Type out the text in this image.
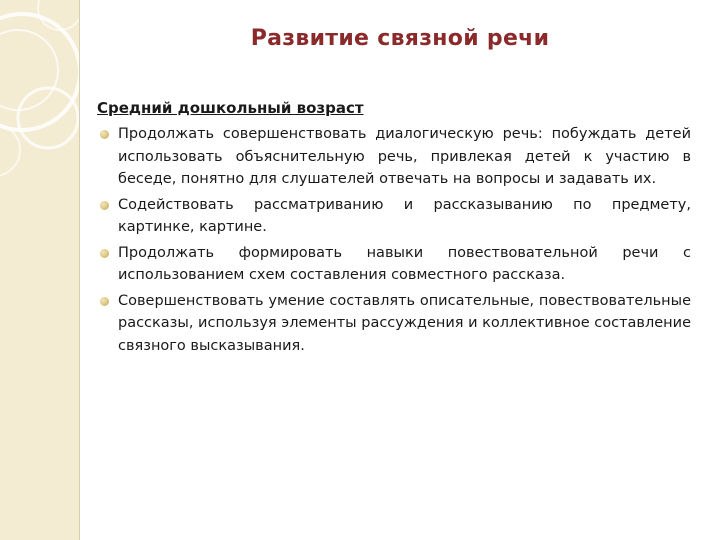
Развитие связной речи
Средний дошкольный возраст
Продолжать совершенствовать диалогическую речь: побуждать детей использовать объяснительную речь, привлекая детей к участию в беседе, понятно для слушателей отвечать на вопросы и задавать их.
Содействовать рассматриванию и рассказыванию по предмету, картинке, картине.
Продолжать формировать навыки повествовательной речи с использованием схем составления совместного рассказа.
Совершенствовать умение составлять описательные, повествовательные рассказы, используя элементы рассуждения и коллективное составление связного высказывания.
